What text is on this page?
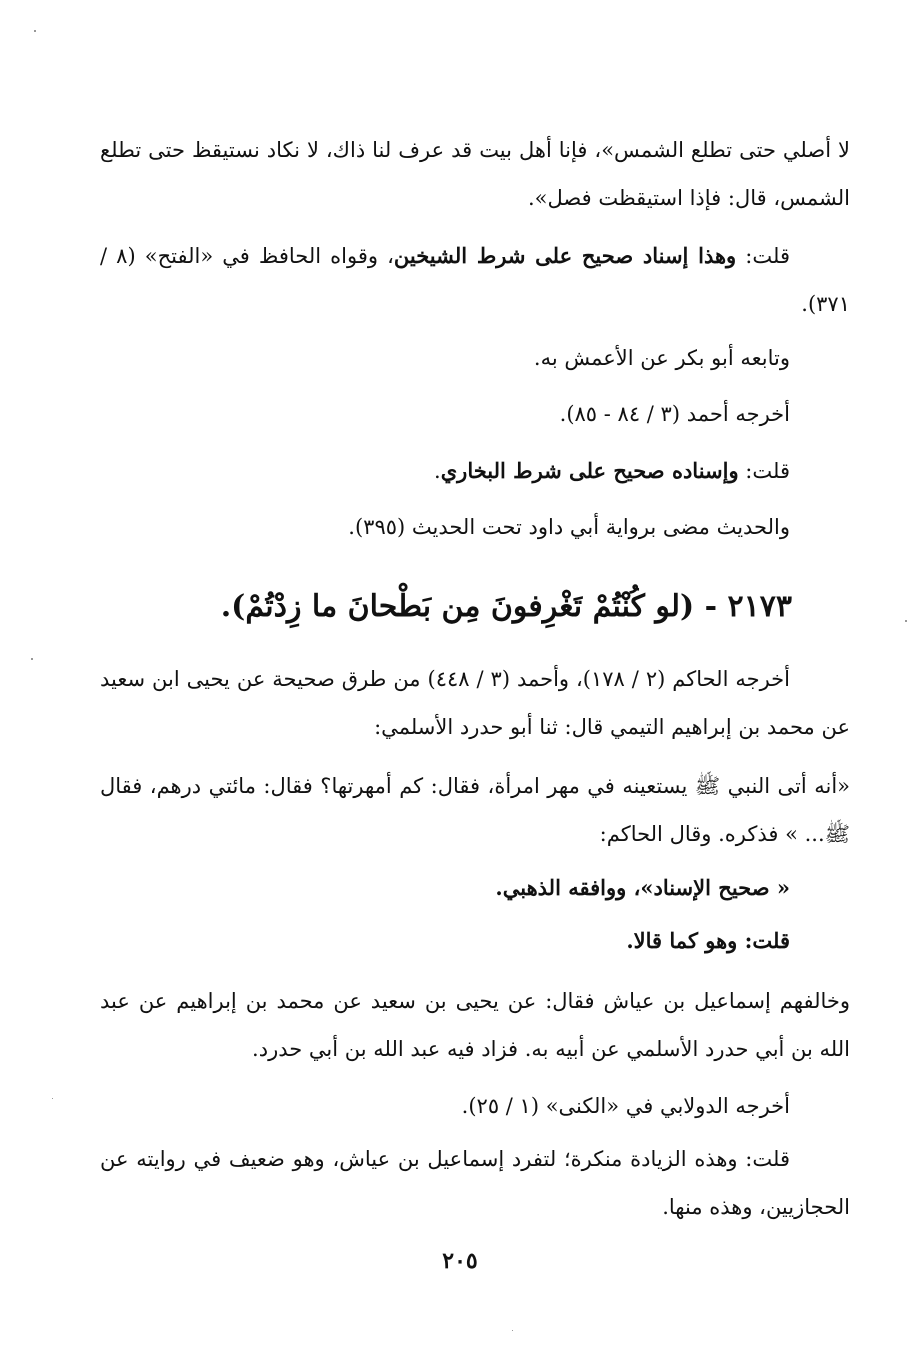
لا أصلي حتى تطلع الشمس»، فإنا أهل بيت قد عرف لنا ذاك، لا نكاد نستيقظ حتى تطلع الشمس، قال: فإذا استيقظت فصل».
قلت: وهذا إسناد صحيح على شرط الشيخين، وقواه الحافظ في «الفتح» (٨ / ٣٧١).
وتابعه أبو بكر عن الأعمش به.
أخرجه أحمد (٣ / ٨٤ - ٨٥).
قلت: وإسناده صحيح على شرط البخاري.
والحديث مضى برواية أبي داود تحت الحديث (٣٩٥).
٢١٧٣ - (لو كُنْتُمْ تَغْرِفونَ مِن بَطْحانَ ما زِدْتُمْ).
أخرجه الحاكم (٢ / ١٧٨)، وأحمد (٣ / ٤٤٨) من طرق صحيحة عن يحيى ابن سعيد عن محمد بن إبراهيم التيمي قال: ثنا أبو حدرد الأسلمي:
«أنه أتى النبي ﷺ يستعينه في مهر امرأة، فقال: كم أمهرتها؟ فقال: مائتي درهم، فقال ﷺ... » فذكره. وقال الحاكم:
« صحيح الإسناد»، ووافقه الذهبي.
قلت: وهو كما قالا.
وخالفهم إسماعيل بن عياش فقال: عن يحيى بن سعيد عن محمد بن إبراهيم عن عبد الله بن أبي حدرد الأسلمي عن أبيه به. فزاد فيه عبد الله بن أبي حدرد.
أخرجه الدولابي في «الكنى» (١ / ٢٥).
قلت: وهذه الزيادة منكرة؛ لتفرد إسماعيل بن عياش، وهو ضعيف في روايته عن الحجازيين، وهذه منها.
٢٠٥
